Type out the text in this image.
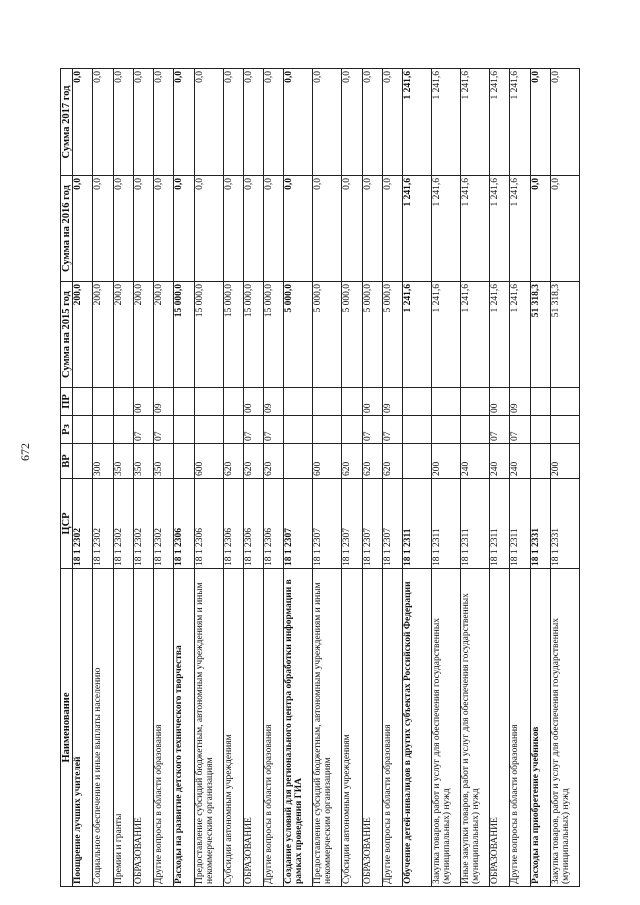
672
Наименование	ЦСР	ВР	Рз	ПР	Сумма на 2015 год	Сумма на 2016 год	Сумма 2017 год
Поощрение лучших учителей	18 1 2302				200,0	0,0	0,0
Социальное обеспечение и иные выплаты населению	18 1 2302	300			200,0	0,0	0,0
Премии и гранты	18 1 2302	350			200,0	0,0	0,0
ОБРАЗОВАНИЕ	18 1 2302	350	07	00	200,0	0,0	0,0
Другие вопросы в области образования	18 1 2302	350	07	09	200,0	0,0	0,0
Расходы на развитие детского технического творчества	18 1 2306				15 000,0	0,0	0,0
Предоставление субсидий бюджетным, автономным учреждениям и иным некоммерческим организациям	18 1 2306	600			15 000,0	0,0	0,0
Субсидии автономным учреждениям	18 1 2306	620			15 000,0	0,0	0,0
ОБРАЗОВАНИЕ	18 1 2306	620	07	00	15 000,0	0,0	0,0
Другие вопросы в области образования	18 1 2306	620	07	09	15 000,0	0,0	0,0
Создание условий для регионального центра обработки информации в рамках проведения ГИА	18 1 2307				5 000,0	0,0	0,0
Предоставление субсидий бюджетным, автономным учреждениям и иным некоммерческим организациям	18 1 2307	600			5 000,0	0,0	0,0
Субсидии автономным учреждениям	18 1 2307	620			5 000,0	0,0	0,0
ОБРАЗОВАНИЕ	18 1 2307	620	07	00	5 000,0	0,0	0,0
Другие вопросы в области образования	18 1 2307	620	07	09	5 000,0	0,0	0,0
Обучение детей-инвалидов в других субъектах Российской Федерации	18 1 2311				1 241,6	1 241,6	1 241,6
Закупка товаров, работ и услуг для обеспечения государственных (муниципальных) нужд	18 1 2311	200			1 241,6	1 241,6	1 241,6
Иные закупки товаров, работ и услуг для обеспечения государственных (муниципальных) нужд	18 1 2311	240			1 241,6	1 241,6	1 241,6
ОБРАЗОВАНИЕ	18 1 2311	240	07	00	1 241,6	1 241,6	1 241,6
Другие вопросы в области образования	18 1 2311	240	07	09	1 241,6	1 241,6	1 241,6
Расходы на приобретение учебников	18 1 2331				51 318,3	0,0	0,0
Закупка товаров, работ и услуг для обеспечения государственных (муниципальных) нужд	18 1 2331	200			51 318,3	0,0	0,0
